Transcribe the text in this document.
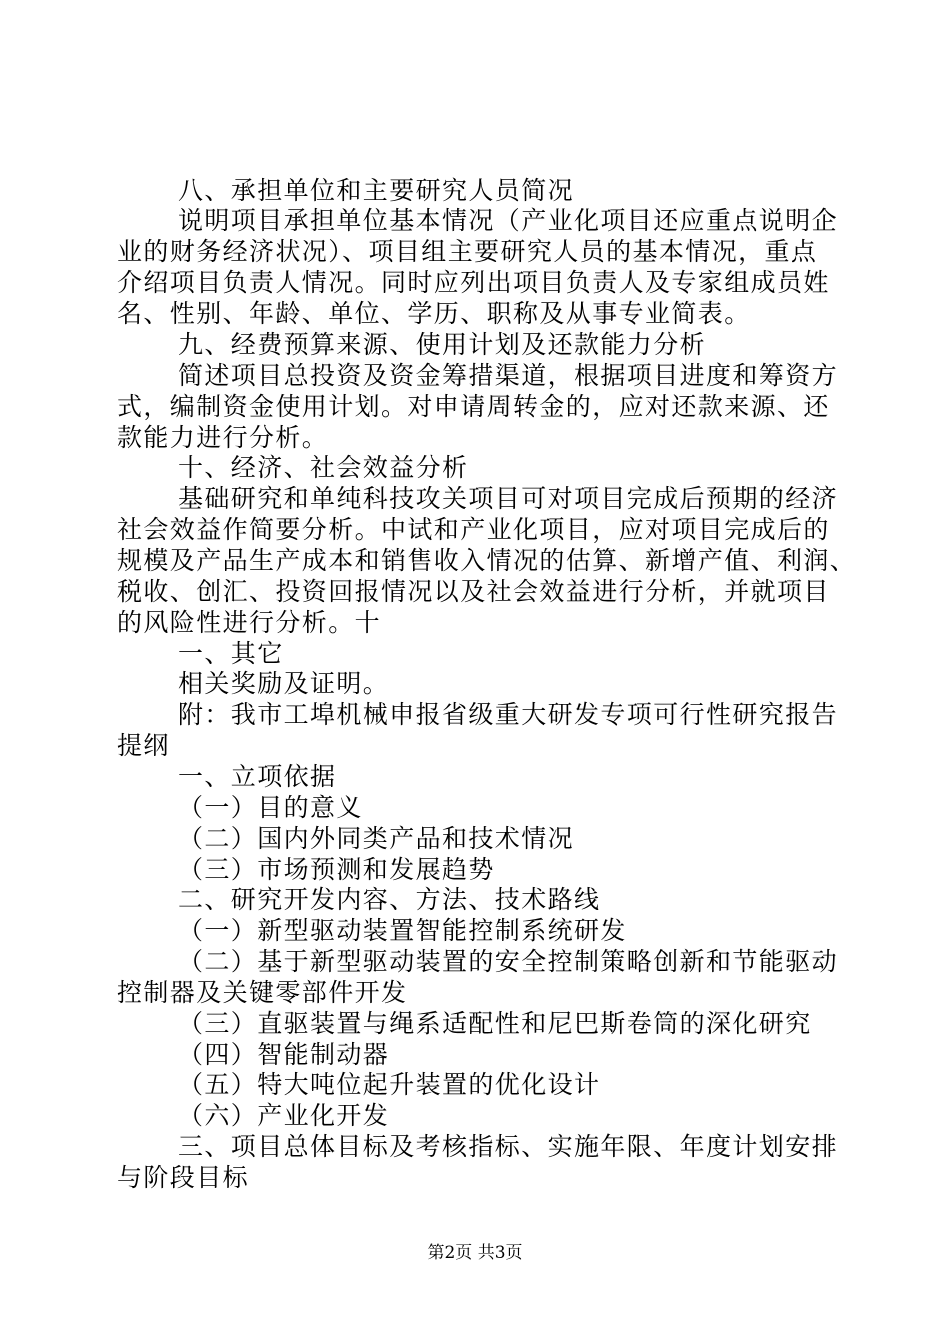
八、承担单位和主要研究人员简况
说明项目承担单位基本情况（产业化项目还应重点说明企
业的财务经济状况）、项目组主要研究人员的基本情况，重点
介绍项目负责人情况。同时应列出项目负责人及专家组成员姓
名、性别、年龄、单位、学历、职称及从事专业简表。
九、经费预算来源、使用计划及还款能力分析
简述项目总投资及资金筹措渠道，根据项目进度和筹资方
式，编制资金使用计划。对申请周转金的，应对还款来源、还
款能力进行分析。
十、经济、社会效益分析
基础研究和单纯科技攻关项目可对项目完成后预期的经济
社会效益作简要分析。中试和产业化项目，应对项目完成后的
规模及产品生产成本和销售收入情况的估算、新增产值、利润、
税收、创汇、投资回报情况以及社会效益进行分析，并就项目
的风险性进行分析。十
一、其它
相关奖励及证明。
附：我市工埠机械申报省级重大研发专项可行性研究报告
提纲
一、立项依据
（一）目的意义
（二）国内外同类产品和技术情况
（三）市场预测和发展趋势
二、研究开发内容、方法、技术路线
（一）新型驱动装置智能控制系统研发
（二）基于新型驱动装置的安全控制策略创新和节能驱动
控制器及关键零部件开发
（三）直驱装置与绳系适配性和尼巴斯卷筒的深化研究
（四）智能制动器
（五）特大吨位起升装置的优化设计
（六）产业化开发
三、项目总体目标及考核指标、实施年限、年度计划安排
与阶段目标
第2页 共3页
